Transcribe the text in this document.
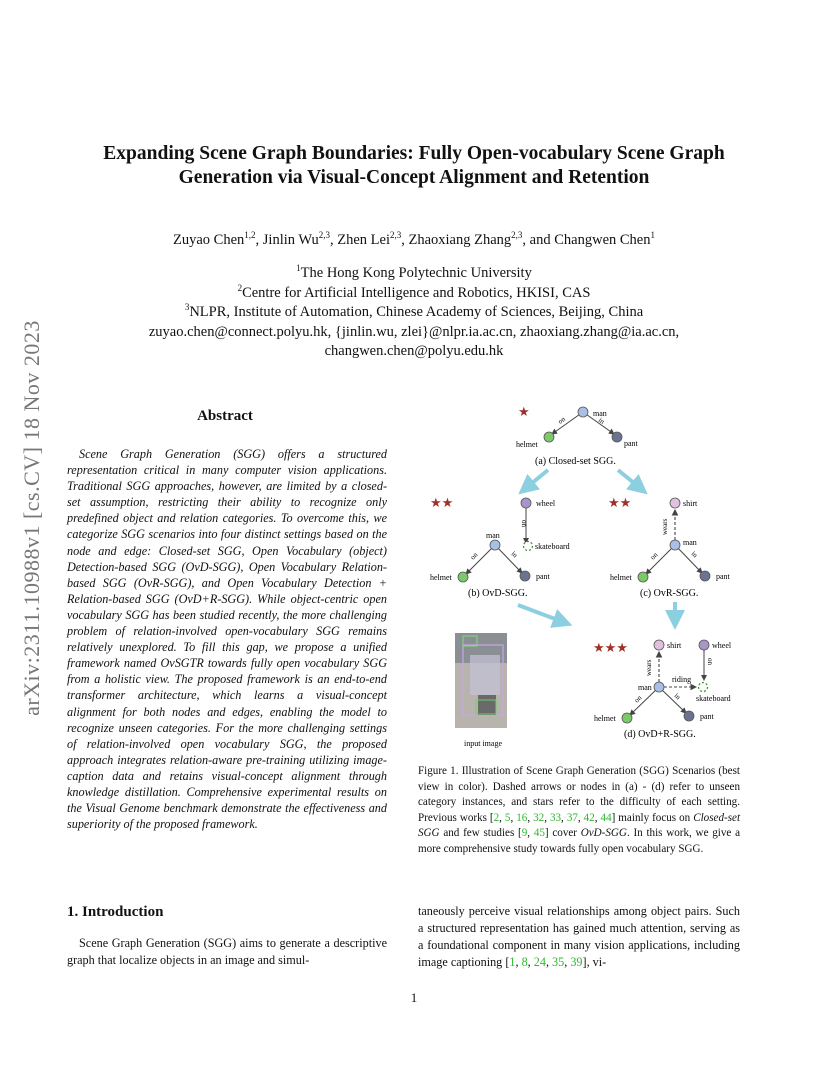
arXiv:2311.10988v1 [cs.CV] 18 Nov 2023
Expanding Scene Graph Boundaries: Fully Open-vocabulary Scene Graph Generation via Visual-Concept Alignment and Retention
Zuyao Chen$^{1,2}$, Jinlin Wu$^{2,3}$, Zhen Lei$^{2,3}$, Zhaoxiang Zhang$^{2,3}$, and Changwen Chen$^1$
$^1$The Hong Kong Polytechnic University
$^2$Centre for Artificial Intelligence and Robotics, HKISI, CAS
$^3$NLPR, Institute of Automation, Chinese Academy of Sciences, Beijing, China
zuyao.chen@connect.polyu.hk, {jinlin.wu, zlei}@nlpr.ia.ac.cn, zhaoxiang.zhang@ia.ac.cn,
changwen.chen@polyu.edu.hk
Abstract
Scene Graph Generation (SGG) offers a structured representation critical in many computer vision applications. Traditional SGG approaches, however, are limited by a closed-set assumption, restricting their ability to recognize only predefined object and relation categories. To overcome this, we categorize SGG scenarios into four distinct settings based on the node and edge: Closed-set SGG, Open Vocabulary (object) Detection-based SGG (OvD-SGG), Open Vocabulary Relation-based SGG (OvR-SGG), and Open Vocabulary Detection + Relation-based SGG (OvD+R-SGG). While object-centric open vocabulary SGG has been studied recently, the more challenging problem of relation-involved open-vocabulary SGG remains relatively unexplored. To fill this gap, we propose a unified framework named OvSGTR towards fully open vocabulary SGG from a holistic view. The proposed framework is an end-to-end transformer architecture, which learns a visual-concept alignment for both nodes and edges, enabling the model to recognize unseen categories. For the more challenging settings of relation-involved open vocabulary SGG, the proposed approach integrates relation-aware pre-training utilizing image-caption data and retains visual-concept alignment through knowledge distillation. Comprehensive experimental results on the Visual Genome benchmark demonstrate the effectiveness and superiority of the proposed framework.
1. Introduction
Scene Graph Generation (SGG) aims to generate a descriptive graph that localize objects in an image and simul-
taneously perceive visual relationships among object pairs. Such a structured representation has gained much attention, serving as a foundational component in many vision applications, including image captioning [1, 8, 24, 35, 39], vi-
★	man
helmet	pant
on	in
(a) Closed-set SGG.
★★	wheel
man
skateboard
helmet	pant
on
on	in
(b) OvD-SGG.
★★	shirt
man
helmet	pant
wears
on	in
(c) OvR-SGG.
input image
★★★	shirt	wheel
man
riding
skateboard
helmet	pant
wears	on
on	in
(d) OvD+R-SGG.
Figure 1. Illustration of Scene Graph Generation (SGG) Scenarios (best view in color). Dashed arrows or nodes in (a) - (d) refer to unseen category instances, and stars refer to the difficulty of each setting. Previous works [2, 5, 16, 32, 33, 37, 42, 44] mainly focus on Closed-set SGG and few studies [9, 45] cover OvD-SGG. In this work, we give a more comprehensive study towards fully open vocabulary SGG.
1
